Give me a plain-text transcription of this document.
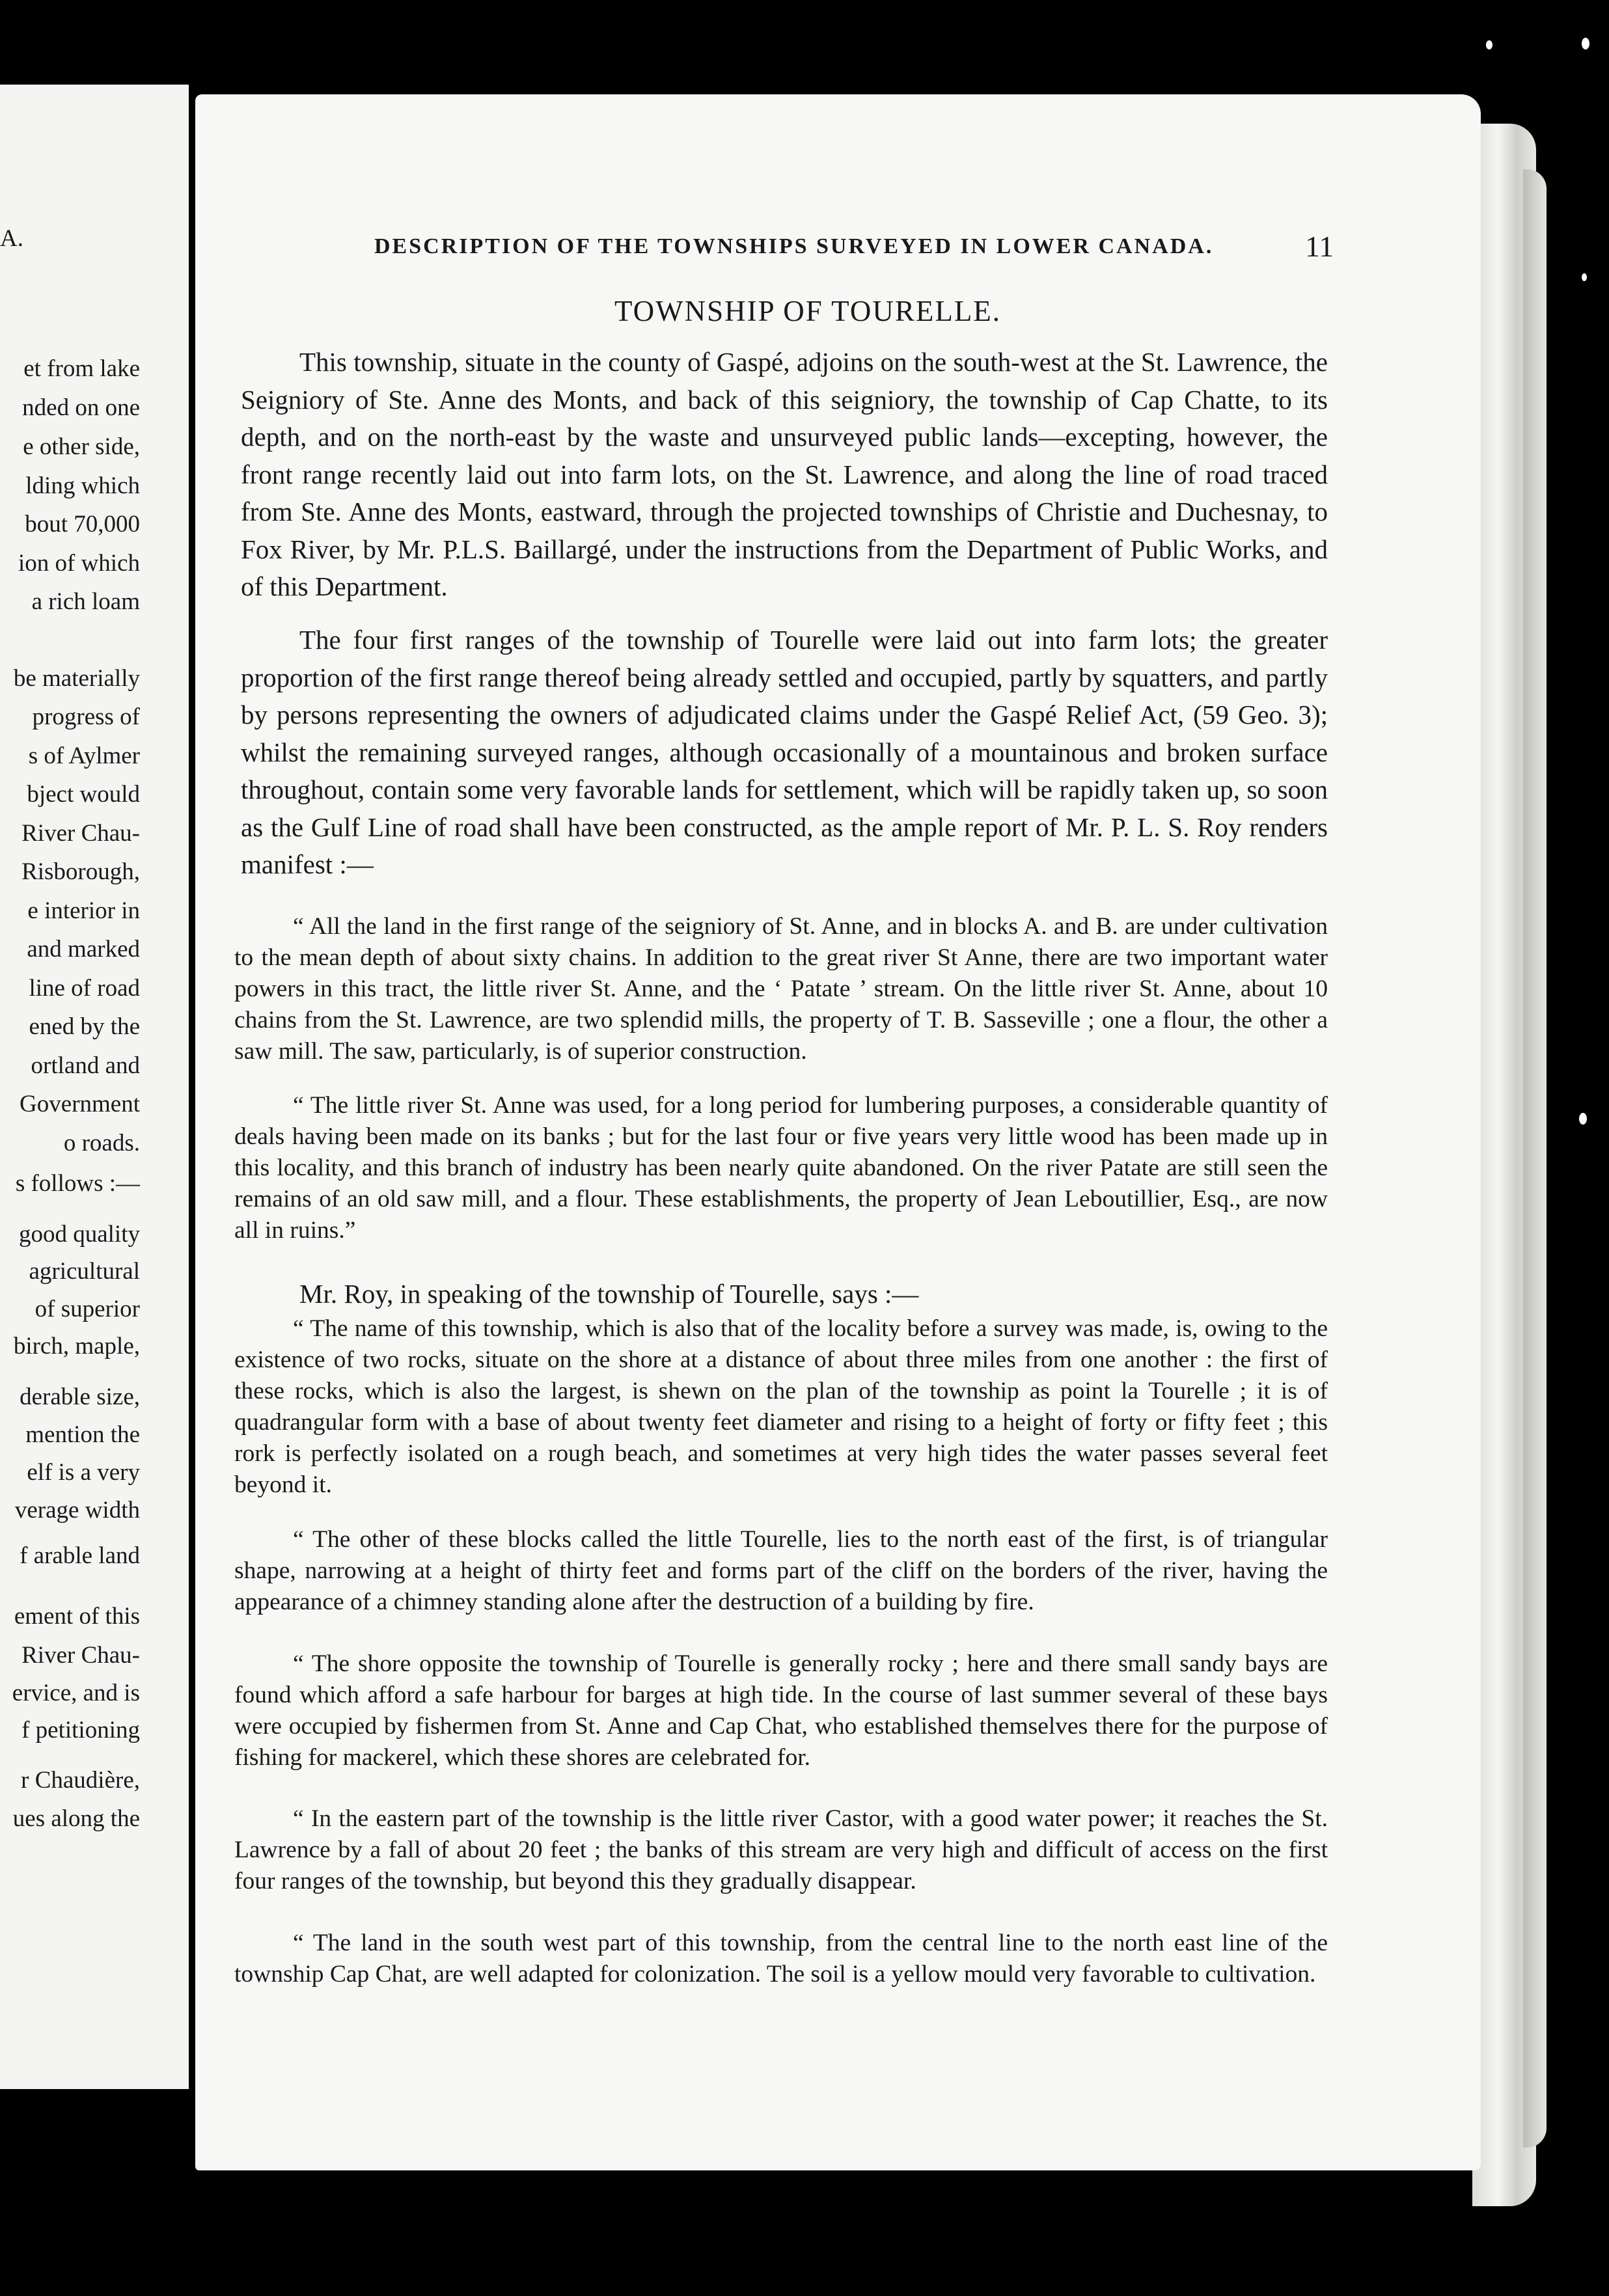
A.
et from lake
nded on one
e other side,
lding which
bout 70,000
ion of which
a rich loam
be materially
progress of
s of Aylmer
bject would
River Chau-
Risborough,
e interior in
and marked
line of road
ened by the
ortland and
Government
o roads.
s follows :—
good quality
agricultural
of superior
birch, maple,
derable size,
mention the
elf is a very
verage width
f arable land
ement of this
River Chau-
ervice, and is
f petitioning
r Chaudière,
ues along the
DESCRIPTION OF THE TOWNSHIPS SURVEYED IN LOWER CANADA.	11
TOWNSHIP OF TOURELLE.
This township, situate in the county of Gaspé, adjoins on the south-west at the St. Lawrence, the Seigniory of Ste. Anne des Monts, and back of this seigniory, the township of Cap Chatte, to its depth, and on the north-east by the waste and unsurveyed public lands—excepting, however, the front range recently laid out into farm lots, on the St. Lawrence, and along the line of road traced from Ste. Anne des Monts, eastward, through the projected townships of Christie and Duchesnay, to Fox River, by Mr. P.L.S. Baillargé, under the instructions from the Department of Public Works, and of this Department.
The four first ranges of the township of Tourelle were laid out into farm lots; the greater proportion of the first range thereof being already settled and occupied, partly by squatters, and partly by persons representing the owners of adjudicated claims under the Gaspé Relief Act, (59 Geo. 3); whilst the remaining surveyed ranges, although occasionally of a mountainous and broken surface throughout, contain some very favorable lands for settlement, which will be rapidly taken up, so soon as the Gulf Line of road shall have been constructed, as the ample report of Mr. P. L. S. Roy renders manifest :—
“ All the land in the first range of the seigniory of St. Anne, and in blocks A. and B. are under cultivation to the mean depth of about sixty chains. In addition to the great river St Anne, there are two important water powers in this tract, the little river St. Anne, and the ‘ Patate ’ stream. On the little river St. Anne, about 10 chains from the St. Lawrence, are two splendid mills, the property of T. B. Sasseville ; one a flour, the other a saw mill. The saw, particularly, is of superior construction.
“ The little river St. Anne was used, for a long period for lumbering purposes, a considerable quantity of deals having been made on its banks ; but for the last four or five years very little wood has been made up in this locality, and this branch of industry has been nearly quite abandoned. On the river Patate are still seen the remains of an old saw mill, and a flour. These establishments, the property of Jean Leboutillier, Esq., are now all in ruins.”
Mr. Roy, in speaking of the township of Tourelle, says :—
“ The name of this township, which is also that of the locality before a survey was made, is, owing to the existence of two rocks, situate on the shore at a distance of about three miles from one another : the first of these rocks, which is also the largest, is shewn on the plan of the township as point la Tourelle ; it is of quadrangular form with a base of about twenty feet diameter and rising to a height of forty or fifty feet ; this rork is perfectly isolated on a rough beach, and sometimes at very high tides the water passes several feet beyond it.
“ The other of these blocks called the little Tourelle, lies to the north east of the first, is of triangular shape, narrowing at a height of thirty feet and forms part of the cliff on the borders of the river, having the appearance of a chimney standing alone after the destruction of a building by fire.
“ The shore opposite the township of Tourelle is generally rocky ; here and there small sandy bays are found which afford a safe harbour for barges at high tide. In the course of last summer several of these bays were occupied by fishermen from St. Anne and Cap Chat, who established themselves there for the purpose of fishing for mackerel, which these shores are celebrated for.
“ In the eastern part of the township is the little river Castor, with a good water power; it reaches the St. Lawrence by a fall of about 20 feet ; the banks of this stream are very high and difficult of access on the first four ranges of the township, but beyond this they gradually disappear.
“ The land in the south west part of this township, from the central line to the north east line of the township Cap Chat, are well adapted for colonization. The soil is a yellow mould very favorable to cultivation.
